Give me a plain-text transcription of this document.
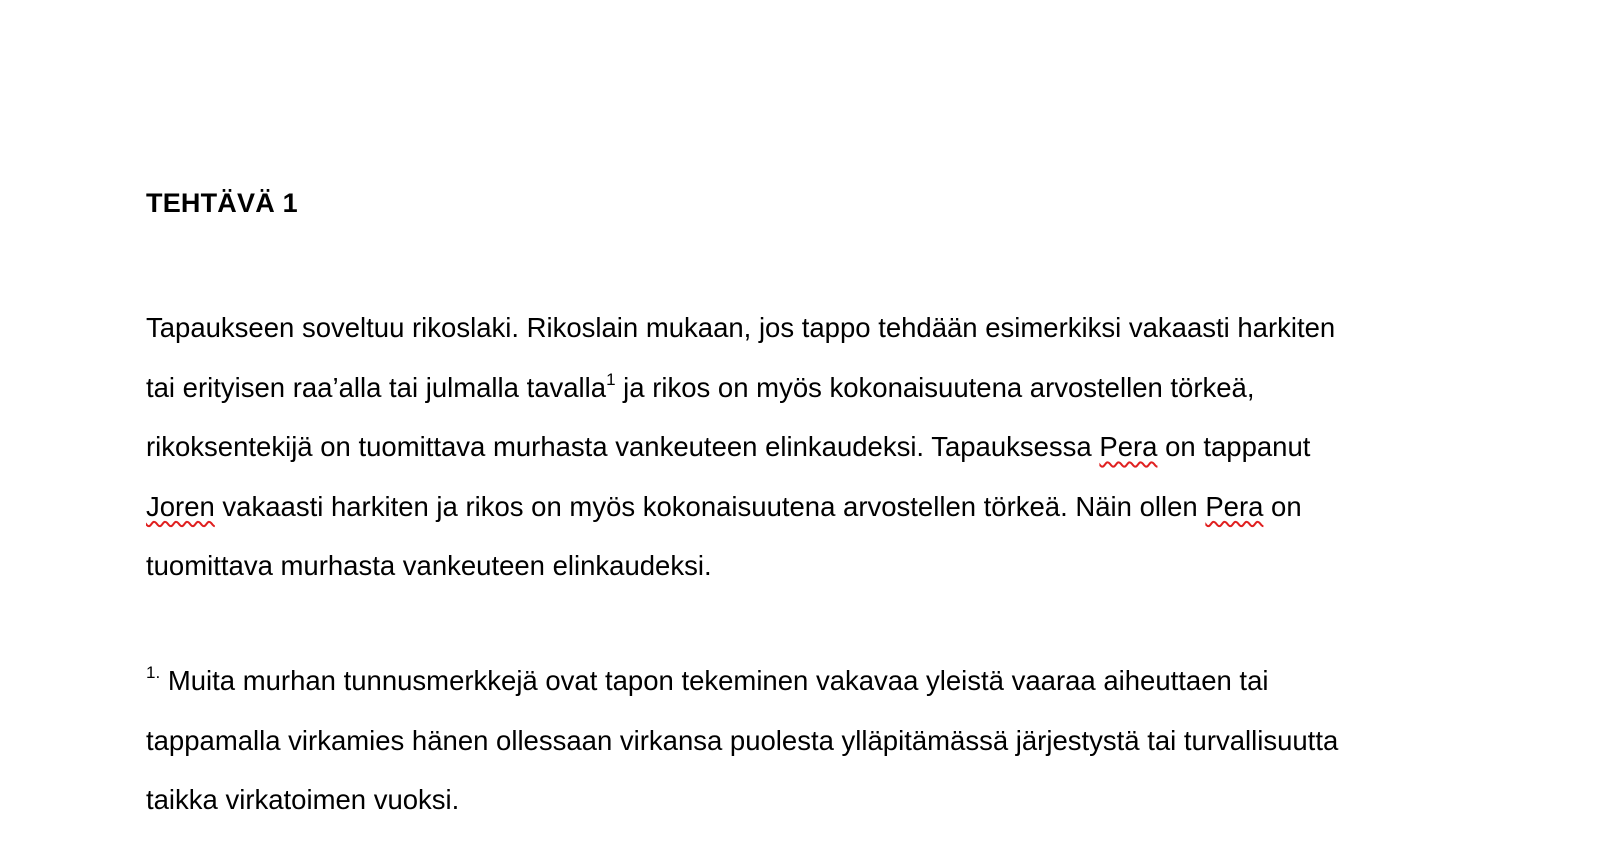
TEHTÄVÄ 1
Tapaukseen soveltuu rikoslaki. Rikoslain mukaan, jos tappo tehdään esimerkiksi vakaasti harkiten
tai erityisen raa’alla tai julmalla tavalla$^1$ ja rikos on myös kokonaisuutena arvostellen törkeä,
rikoksentekijä on tuomittava murhasta vankeuteen elinkaudeksi. Tapauksessa Pera on tappanut
Joren vakaasti harkiten ja rikos on myös kokonaisuutena arvostellen törkeä. Näin ollen Pera on
tuomittava murhasta vankeuteen elinkaudeksi.
$^{1.}$ Muita murhan tunnusmerkkejä ovat tapon tekeminen vakavaa yleistä vaaraa aiheuttaen tai
tappamalla virkamies hänen ollessaan virkansa puolesta ylläpitämässä järjestystä tai turvallisuutta
taikka virkatoimen vuoksi.
